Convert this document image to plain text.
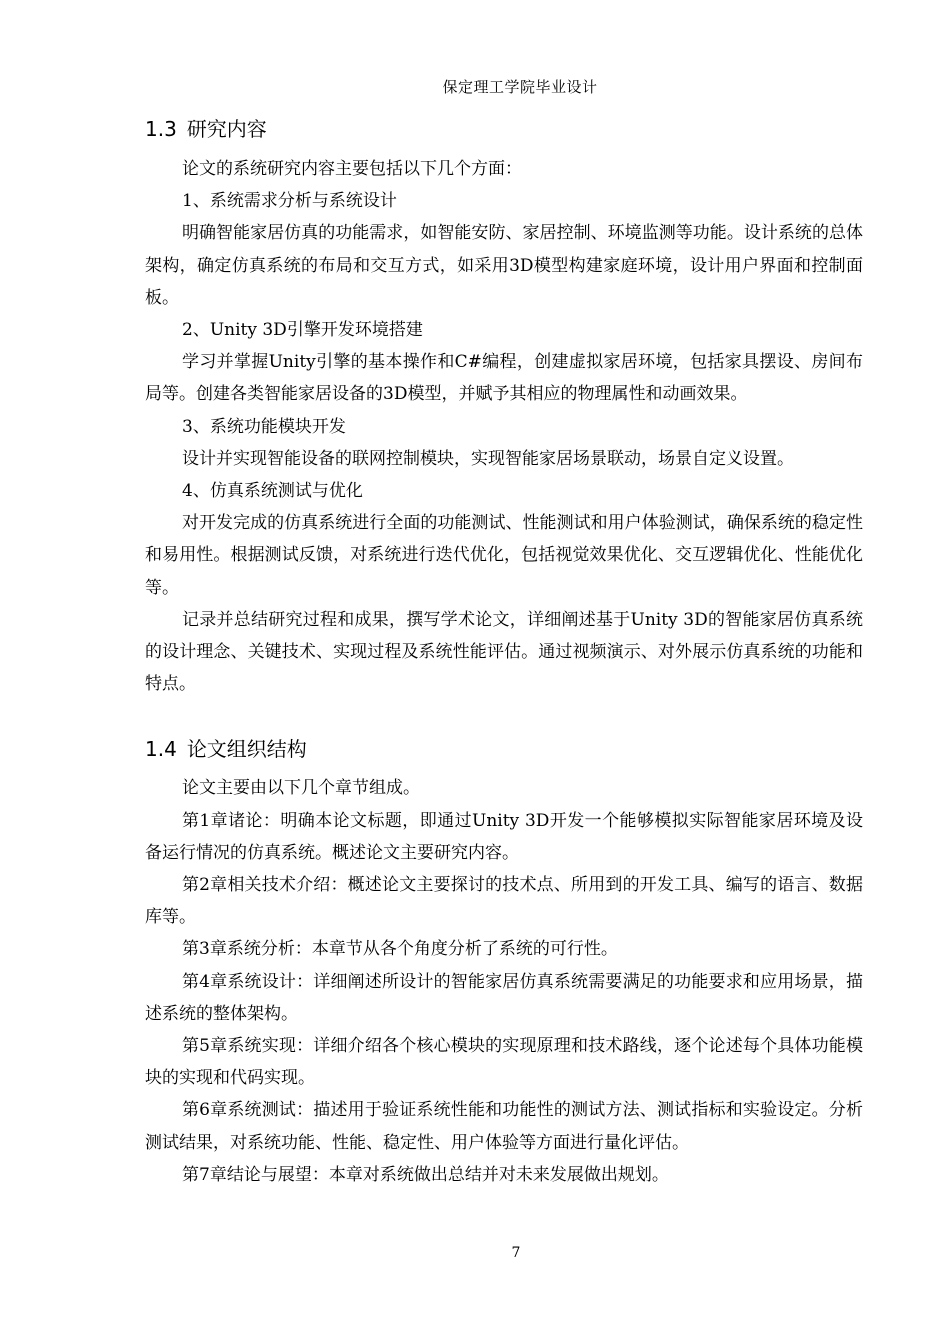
保定理工学院毕业设计
1.3 研究内容

论文的系统研究内容主要包括以下几个方面：

1、系统需求分析与系统设计

明确智能家居仿真的功能需求，如智能安防、家居控制、环境监测等功能。设计系统的总体架构，确定仿真系统的布局和交互方式，如采用3D模型构建家庭环境，设计用户界面和控制面板。

2、Unity 3D引擎开发环境搭建

学习并掌握Unity引擎的基本操作和C#编程，创建虚拟家居环境，包括家具摆设、房间布局等。创建各类智能家居设备的3D模型，并赋予其相应的物理属性和动画效果。

3、系统功能模块开发

设计并实现智能设备的联网控制模块，实现智能家居场景联动，场景自定义设置。

4、仿真系统测试与优化

对开发完成的仿真系统进行全面的功能测试、性能测试和用户体验测试，确保系统的稳定性和易用性。根据测试反馈，对系统进行迭代优化，包括视觉效果优化、交互逻辑优化、性能优化等。

记录并总结研究过程和成果，撰写学术论文，详细阐述基于Unity 3D的智能家居仿真系统的设计理念、关键技术、实现过程及系统性能评估。通过视频演示、对外展示仿真系统的功能和特点。

1.4 论文组织结构

论文主要由以下几个章节组成。

第1章诸论：明确本论文标题，即通过Unity 3D开发一个能够模拟实际智能家居环境及设备运行情况的仿真系统。概述论文主要研究内容。

第2章相关技术介绍：概述论文主要探讨的技术点、所用到的开发工具、编写的语言、数据库等。

第3章系统分析：本章节从各个角度分析了系统的可行性。

第4章系统设计：详细阐述所设计的智能家居仿真系统需要满足的功能要求和应用场景，描述系统的整体架构。

第5章系统实现：详细介绍各个核心模块的实现原理和技术路线，逐个论述每个具体功能模块的实现和代码实现。

第6章系统测试：描述用于验证系统性能和功能性的测试方法、测试指标和实验设定。分析测试结果，对系统功能、性能、稳定性、用户体验等方面进行量化评估。

第7章结论与展望：本章对系统做出总结并对未来发展做出规划。

7
